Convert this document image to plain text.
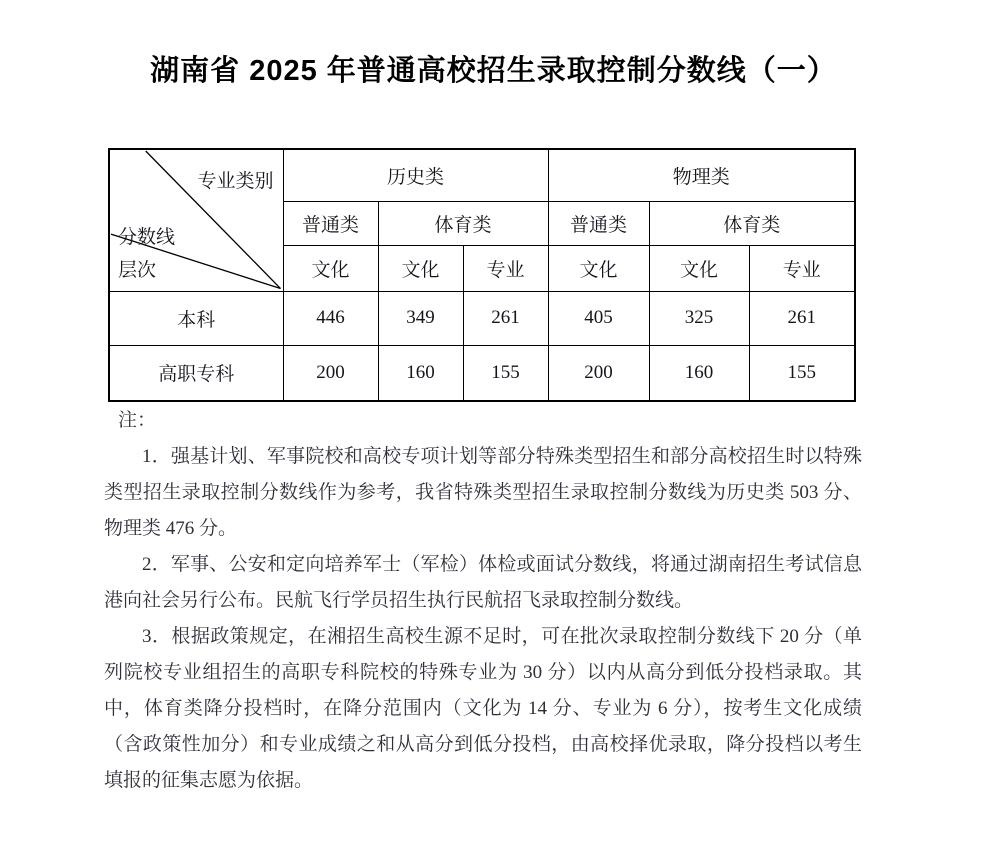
湖南省 2025 年普通高校招生录取控制分数线（一）
专业类别
分数线
层次	历史类			物理类		
	普通类	体育类		普通类	体育类	
	文化	文化	专业	文化	文化	专业
本科	446	349	261	405	325	261
高职专科	200	160	155	200	160	155
注：

1．强基计划、军事院校和高校专项计划等部分特殊类型招生和部分高校招生时以特殊类型招生录取控制分数线作为参考，我省特殊类型招生录取控制分数线为历史类 503 分、物理类 476 分。

2．军事、公安和定向培养军士（军检）体检或面试分数线，将通过湖南招生考试信息港向社会另行公布。民航飞行学员招生执行民航招飞录取控制分数线。

3．根据政策规定，在湘招生高校生源不足时，可在批次录取控制分数线下 20 分（单列院校专业组招生的高职专科院校的特殊专业为 30 分）以内从高分到低分投档录取。其中，体育类降分投档时，在降分范围内（文化为 14 分、专业为 6 分），按考生文化成绩（含政策性加分）和专业成绩之和从高分到低分投档，由高校择优录取，降分投档以考生填报的征集志愿为依据。
